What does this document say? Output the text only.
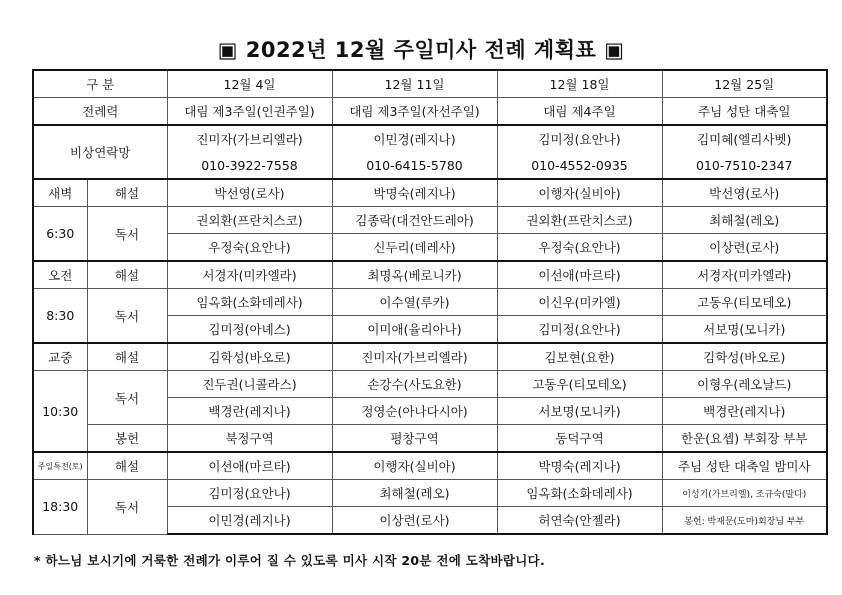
▣ 2022년 12월 주일미사 전례 계획표 ▣
구 분		12월 4일	12월 11일	12월 18일	12월 25일
전례력		대림 제3주일(인권주일)	대림 제3주일(자선주일)	대림 제4주일	주님 성탄 대축일
비상연락망		진미자(가브리엘라)	이민경(레지나)	김미정(요안나)	김미혜(엘리사벳)
		010-3922-7558	010-6415-5780	010-4552-0935	010-7510-2347
새벽	해설	박선영(로사)	박명숙(레지나)	이행자(실비아)	박선영(로사)
6:30	독서	권외환(프란치스코)	김종락(대건안드레아)	권외환(프란치스코)	최해철(레오)
		우정숙(요안나)	신두리(데레사)	우정숙(요안나)	이상련(로사)
오전	해설	서경자(미카엘라)	최명옥(베로니카)	이선애(마르타)	서경자(미카엘라)
8:30	독서	임옥화(소화데레사)	이수열(루카)	이신우(미카엘)	고동우(티모테오)
		김미정(아녜스)	이미애(율리아나)	김미정(요안나)	서보명(모니카)
교중	해설	김학성(바오로)	진미자(가브리엘라)	김보현(요한)	김학성(바오로)
10:30	독서	진두권(니콜라스)	손강수(사도요한)	고동우(티모테오)	이형우(레오날드)
		백경란(레지나)	정영순(아나다시아)	서보명(모니카)	백경란(레지나)
	봉헌	북정구역	평창구역	동덕구역	한운(요셉) 부회장 부부
주일특전(토)	해설	이선애(마르타)	이행자(실비아)	박명숙(레지나)	주님 성탄 대축일 밤미사
18:30	독서	김미정(요안나)	최해철(레오)	임옥화(소화데레사)	이성기(가브리엘), 조규숙(말다)
		이민경(레지나)	이상련(로사)	허연숙(안젤라)	봉헌: 박재문(도마)회장님 부부
* 하느님 보시기에 거룩한 전례가 이루어 질 수 있도록 미사 시작 20분 전에 도착바랍니다.
